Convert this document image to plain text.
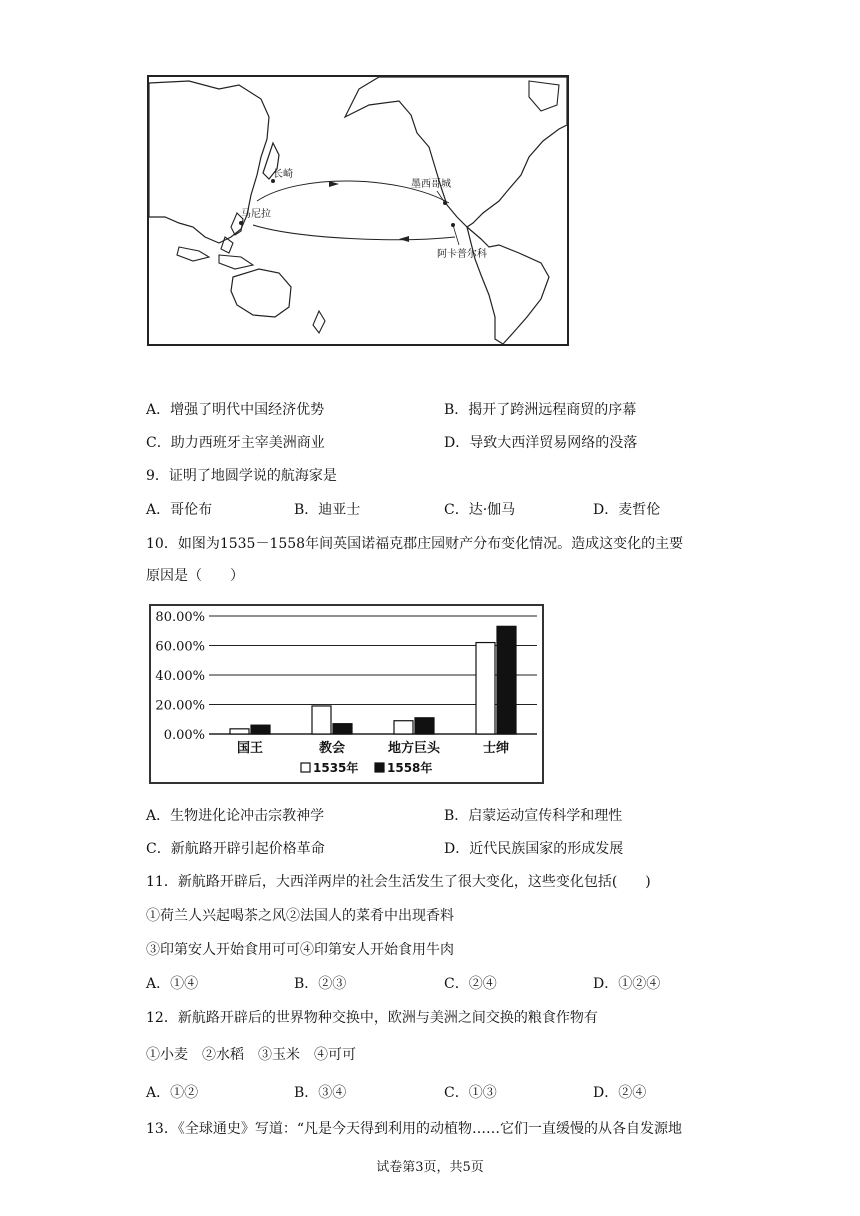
长崎
马尼拉
墨西哥城
阿卡普尔科
A．增强了明代中国经济优势	B．揭开了跨洲远程商贸的序幕
C．助力西班牙主宰美洲商业	D．导致大西洋贸易网络的没落
9．证明了地圆学说的航海家是
A．哥伦布	B．迪亚士	C．达·伽马	D．麦哲伦
10．如图为1535－1558年间英国诺福克郡庄园财产分布变化情况。造成这变化的主要
原因是（　　）
80.00%
60.00%
40.00%
20.00%
0.00%
国王	教会	地方巨头	士绅
1535年 1558年
A．生物进化论冲击宗教神学	B．启蒙运动宣传科学和理性
C．新航路开辟引起价格革命	D．近代民族国家的形成发展
11．新航路开辟后，大西洋两岸的社会生活发生了很大变化，这些变化包括(　　)
①荷兰人兴起喝茶之风②法国人的菜肴中出现香料
③印第安人开始食用可可④印第安人开始食用牛肉
A．①④	B．②③	C．②④	D．①②④
12．新航路开辟后的世界物种交换中，欧洲与美洲之间交换的粮食作物有
①小麦　②水稻　③玉米　④可可
A．①②	B．③④	C．①③	D．②④
13．《全球通史》写道：“凡是今天得到利用的动植物……它们一直缓慢的从各自发源地
试卷第3页，共5页
